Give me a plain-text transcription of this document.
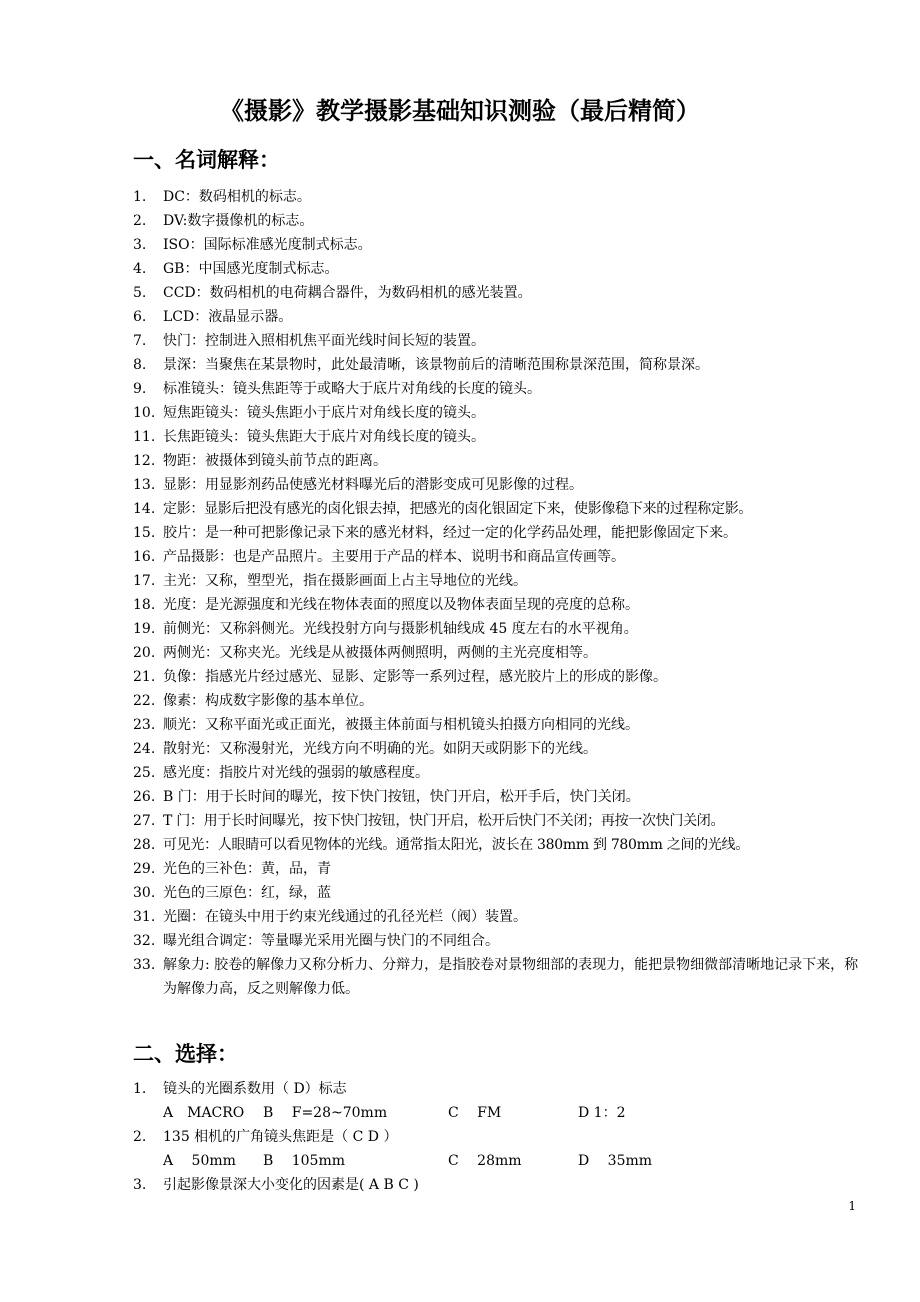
《摄影》教学摄影基础知识测验（最后精简）
一、名词解释：
1. DC：数码相机的标志。
2. DV:数字摄像机的标志。
3. ISO：国际标准感光度制式标志。
4. GB：中国感光度制式标志。
5. CCD：数码相机的电荷耦合器件，为数码相机的感光装置。
6. LCD：液晶显示器。
7. 快门：控制进入照相机焦平面光线时间长短的装置。
8. 景深：当聚焦在某景物时，此处最清晰，该景物前后的清晰范围称景深范围，简称景深。
9. 标准镜头：镜头焦距等于或略大于底片对角线的长度的镜头。
10. 短焦距镜头：镜头焦距小于底片对角线长度的镜头。
11. 长焦距镜头：镜头焦距大于底片对角线长度的镜头。
12. 物距：被摄体到镜头前节点的距离。
13. 显影：用显影剂药品使感光材料曝光后的潜影变成可见影像的过程。
14. 定影：显影后把没有感光的卤化银去掉，把感光的卤化银固定下来，使影像稳下来的过程称定影。
15. 胶片：是一种可把影像记录下来的感光材料，经过一定的化学药品处理，能把影像固定下来。
16. 产品摄影：也是产品照片。主要用于产品的样本、说明书和商品宣传画等。
17. 主光：又称，塑型光，指在摄影画面上占主导地位的光线。
18. 光度：是光源强度和光线在物体表面的照度以及物体表面呈现的亮度的总称。
19. 前侧光：又称斜侧光。光线投射方向与摄影机轴线成 45 度左右的水平视角。
20. 两侧光：又称夹光。光线是从被摄体两侧照明，两侧的主光亮度相等。
21. 负像：指感光片经过感光、显影、定影等一系列过程，感光胶片上的形成的影像。
22. 像素：构成数字影像的基本单位。
23. 顺光：又称平面光或正面光，被摄主体前面与相机镜头拍摄方向相同的光线。
24. 散射光：又称漫射光，光线方向不明确的光。如阴天或阴影下的光线。
25. 感光度：指胶片对光线的强弱的敏感程度。
26. B 门：用于长时间的曝光，按下快门按钮，快门开启，松开手后，快门关闭。
27. T 门：用于长时间曝光，按下快门按钮，快门开启，松开后快门不关闭；再按一次快门关闭。
28. 可见光：人眼睛可以看见物体的光线。通常指太阳光，波长在 380mm 到 780mm 之间的光线。
29. 光色的三补色：黄，品，青
30. 光色的三原色：红，绿，蓝
31. 光圈：在镜头中用于约束光线通过的孔径光栏（阀）装置。
32. 曝光组合调定：等量曝光采用光圈与快门的不同组合。
33. 解象力: 胶卷的解像力又称分析力、分辩力，是指胶卷对景物细部的表现力，能把景物细微部清晰地记录下来，称为解像力高，反之则解像力低。
二、选择：
1. 镜头的光圈系数用（ D）标志
A　MACRO B　 F=28~70mm	C　 FM	D 1：2
2. 135 相机的广角镜头焦距是（ C D ）
A　 50mm B　 105mm	C　 28mm	D　 35mm
3. 引起影像景深大小变化的因素是( A B C )
1
